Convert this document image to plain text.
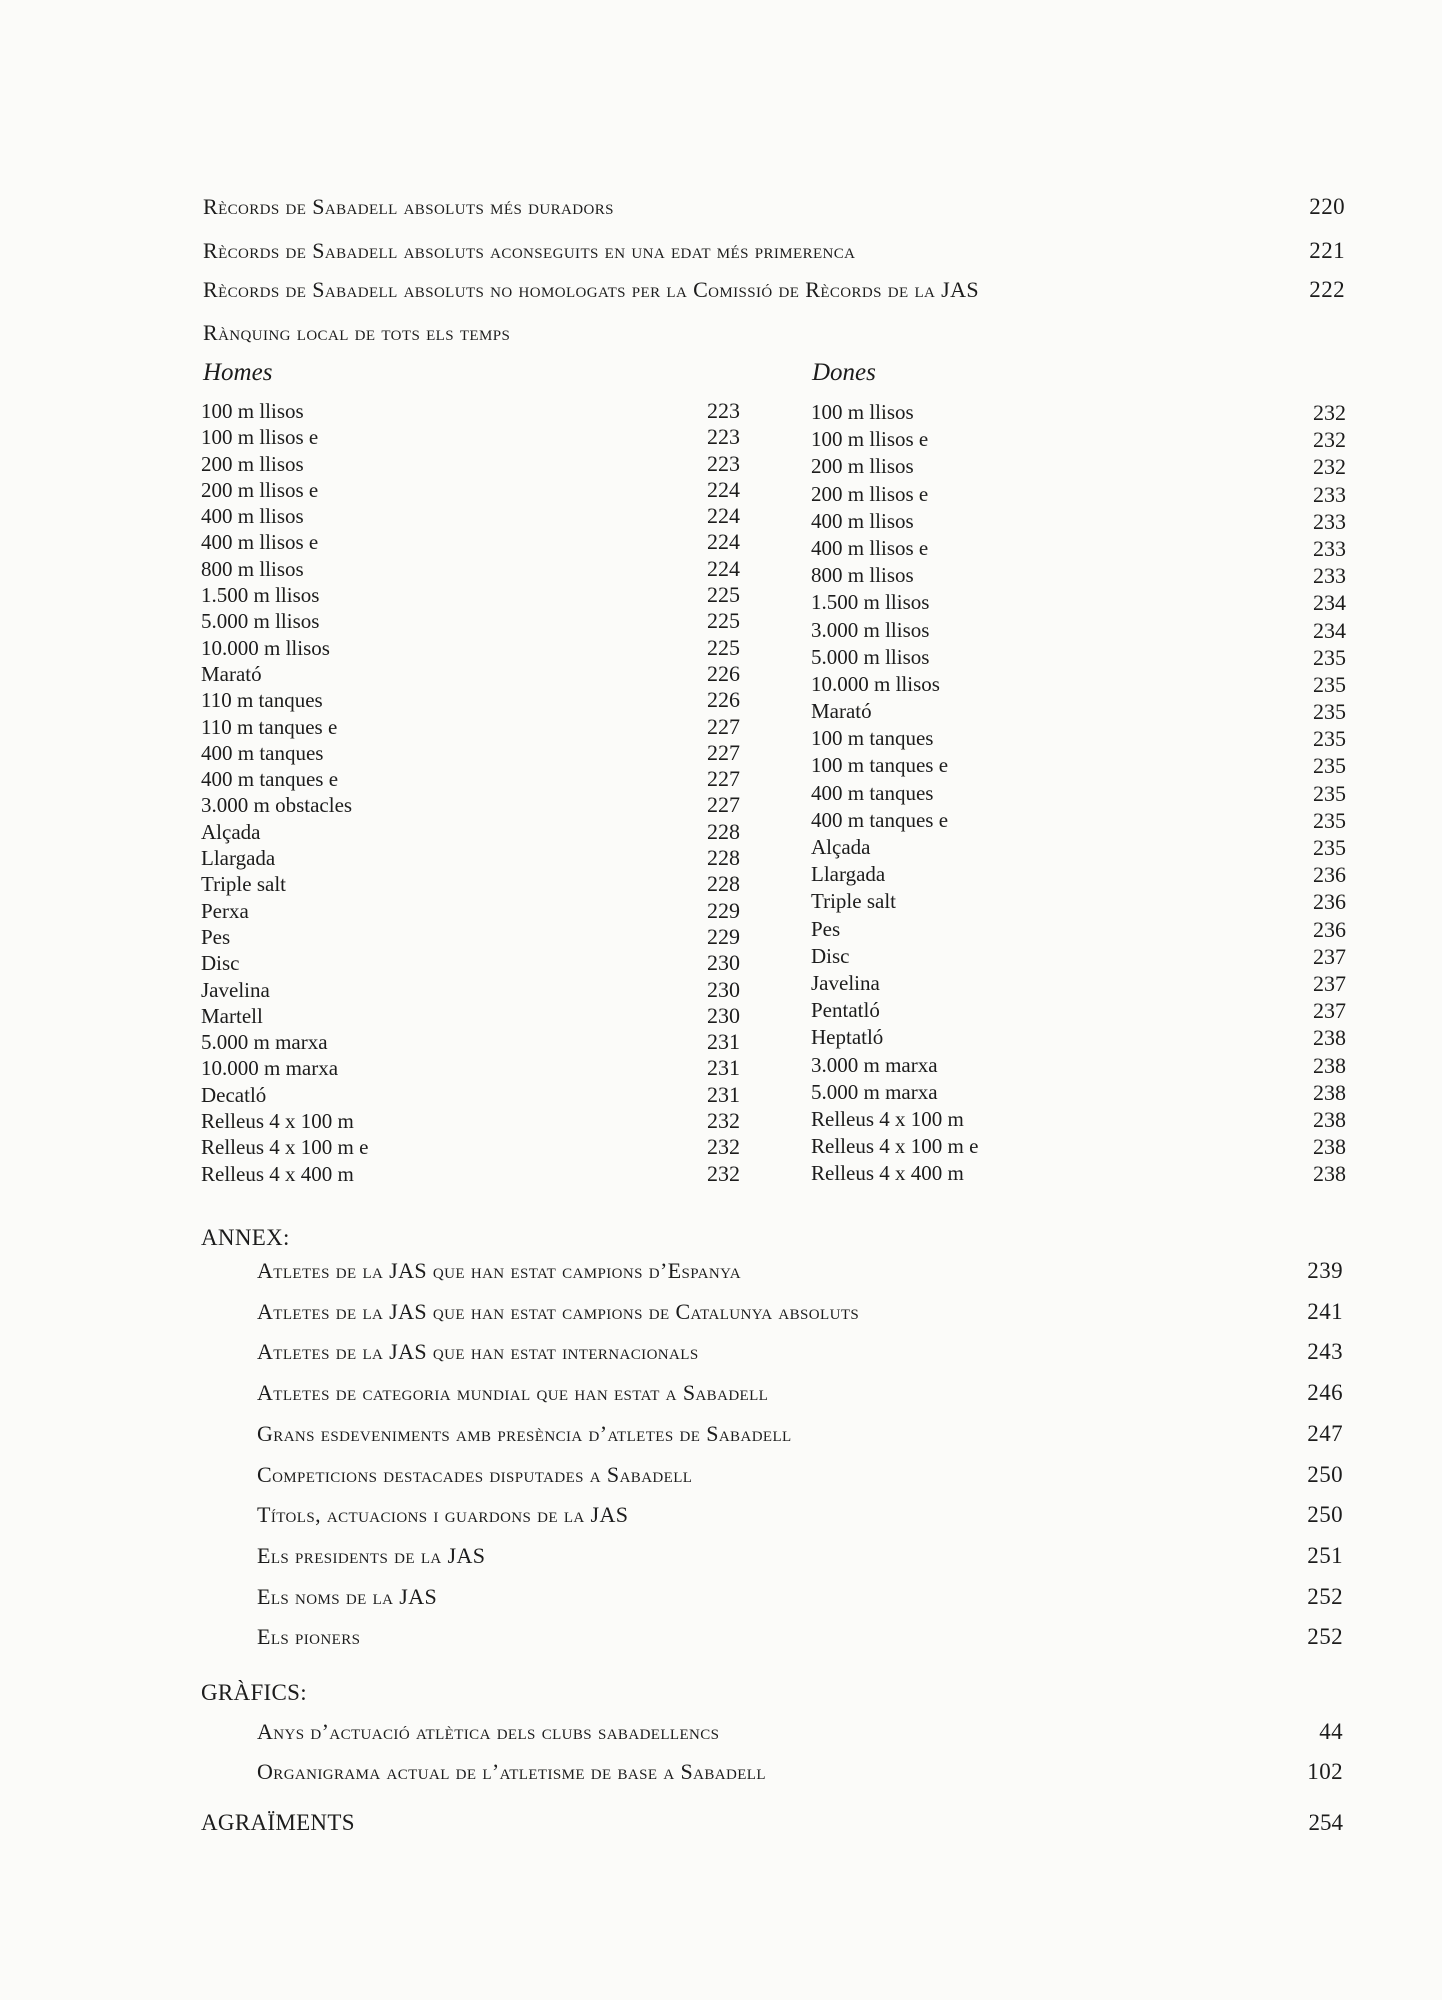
Rècords de Sabadell absoluts més duradors	220
Rècords de Sabadell absoluts aconseguits en una edat més primerenca	221
Rècords de Sabadell absoluts no homologats per la Comissió de Rècords de la JAS	222
Rànquing local de tots els temps
Homes	Dones
100 m llisos	223
100 m llisos e	223
200 m llisos	223
200 m llisos e	224
400 m llisos	224
400 m llisos e	224
800 m llisos	224
1.500 m llisos	225
5.000 m llisos	225
10.000 m llisos	225
Marató	226
110 m tanques	226
110 m tanques e	227
400 m tanques	227
400 m tanques e	227
3.000 m obstacles	227
Alçada	228
Llargada	228
Triple salt	228
Perxa	229
Pes	229
Disc	230
Javelina	230
Martell	230
5.000 m marxa	231
10.000 m marxa	231
Decatló	231
Relleus 4 x 100 m	232
Relleus 4 x 100 m e	232
Relleus 4 x 400 m	232
100 m llisos	232
100 m llisos e	232
200 m llisos	232
200 m llisos e	233
400 m llisos	233
400 m llisos e	233
800 m llisos	233
1.500 m llisos	234
3.000 m llisos	234
5.000 m llisos	235
10.000 m llisos	235
Marató	235
100 m tanques	235
100 m tanques e	235
400 m tanques	235
400 m tanques e	235
Alçada	235
Llargada	236
Triple salt	236
Pes	236
Disc	237
Javelina	237
Pentatló	237
Heptatló	238
3.000 m marxa	238
5.000 m marxa	238
Relleus 4 x 100 m	238
Relleus 4 x 100 m e	238
Relleus 4 x 400 m	238
ANNEX:
Atletes de la JAS que han estat campions d’Espanya	239
Atletes de la JAS que han estat campions de Catalunya absoluts	241
Atletes de la JAS que han estat internacionals	243
Atletes de categoria mundial que han estat a Sabadell	246
Grans esdeveniments amb presència d’atletes de Sabadell	247
Competicions destacades disputades a Sabadell	250
Títols, actuacions i guardons de la JAS	250
Els presidents de la JAS	251
Els noms de la JAS	252
Els pioners	252
GRÀFICS:
Anys d’actuació atlètica dels clubs sabadellencs	44
Organigrama actual de l’atletisme de base a Sabadell	102
AGRAÏMENTS	254
